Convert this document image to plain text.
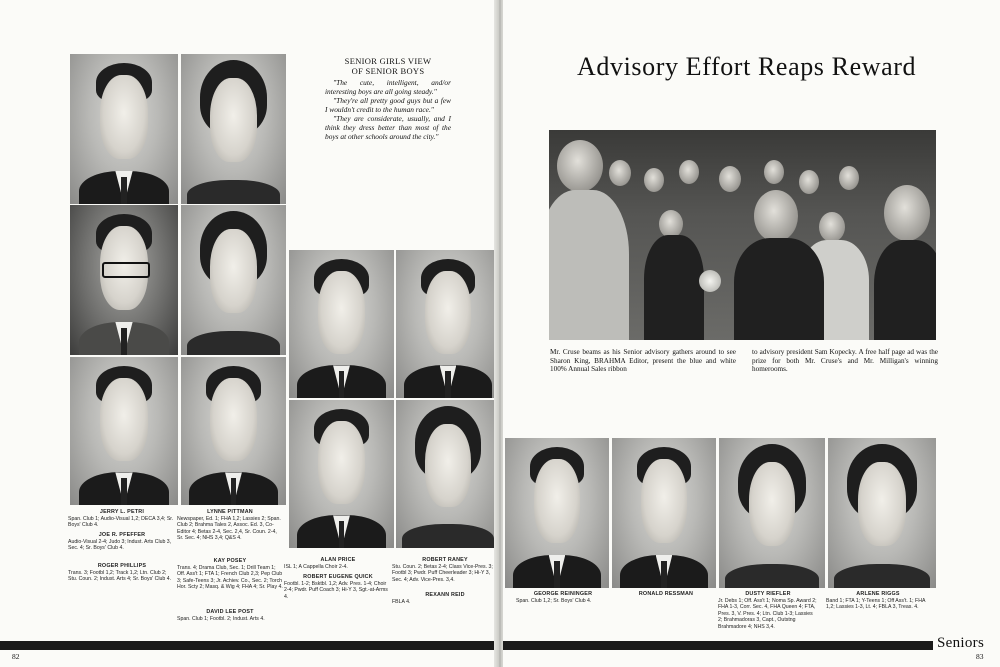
SENIOR GIRLS VIEW
OF SENIOR BOYS

"The cute, intelligent, and/or interesting boys are all going steady."

"They're all pretty good guys but a few I wouldn't credit to the human race."

"They are considerate, usually, and I think they dress better than most of the boys at other schools around the city."

JERRY L. PETRI
Span. Club 1; Audio-Visual 1,2; DECA 3,4; Sr. Boys' Club 4.
JOE R. PFEFFER
Audio-Visual 2-4; Judo 3; Indust. Arts Club 3, Sec. 4; Sr. Boys' Club 4.
ROGER PHILLIPS
Trans. 3; Footbl 1,2; Track 1,2; Ltn. Club 2; Stu. Coun. 2; Indust. Arts 4; Sr. Boys' Club 4.
LYNNE PITTMAN
Newspaper, Ed. 1; FHA 1,2; Lassies 2; Span. Club 2; Brahma Tales 2, Assoc. Ed. 3, Co-Editor 4; Betas 2-4, Sec. 2,4, Sr. Coun. 2-4, Sr. Sec. 4; NHS 3,4; Q&S 4.
KAY POSEY
Trans. 4; Drama Club, Sec. 1; Drill Team 1; Off. Ass't 1; FTA 1; French Club 2,3; Pep Club 3; Safe-Teens 3; Jr. Achiev. Co., Sec. 2; Torch Hor. Scty 2; Masq. & Wig 4; FHA 4; Sr. Play 4.
DAVID LEE POST
Span. Club 1; Footbl. 2; Indust. Arts 4.
ALAN PRICE
ISL 1; A Cappella Choir 2-4.
ROBERT EUGENE QUICK
Footbl. 1-2; Bsktbl. 1,2; Adv. Pres. 1-4; Choir 2-4; Pwdr. Puff Coach 3; Hi-Y 3, Sgt.-at-Arms 4.
ROBERT RANEY
Stu. Coun. 2; Betas 2-4; Class Vice-Pres. 3; Footbl 3; Pwdr. Puff Cheerleader 3; Hi-Y 3, Sec. 4; Adv. Vice-Pres. 3,4.
REXANN REID
FBLA 4.
82
Advisory Effort Reaps Reward
Mr. Cruse beams as his Senior advisory gathers around to see Sharon King, BRAHMA Editor, present the blue and white 100% Annual Sales ribbon
to advisory president Sam Kopecky. A free half page ad was the prize for both Mr. Cruse's and Mr. Milligan's winning homerooms.
GEORGE REININGER
Span. Club 1,2; Sr. Boys' Club 4.
RONALD RESSMAN	DUSTY RIEFLER
Jr. Debs 1; Off. Ass't 1; Noma Sp. Award 2; FHA 1-3, Corr. Sec. 4, FHA Queen 4; FTA, Pres. 3, V. Pres. 4; Ltn. Club 1-3; Lassies 2; Brahmadoras 3, Capt., Outstng Brahmadore 4; NHS 3,4.
ARLENE RIGGS
Band 1; FTA 1; Y-Teens 1; Off Ass't. 1; FHA 1,2; Lassies 1-3, Lt. 4; FBLA 3, Treas. 4.
Seniors
83
